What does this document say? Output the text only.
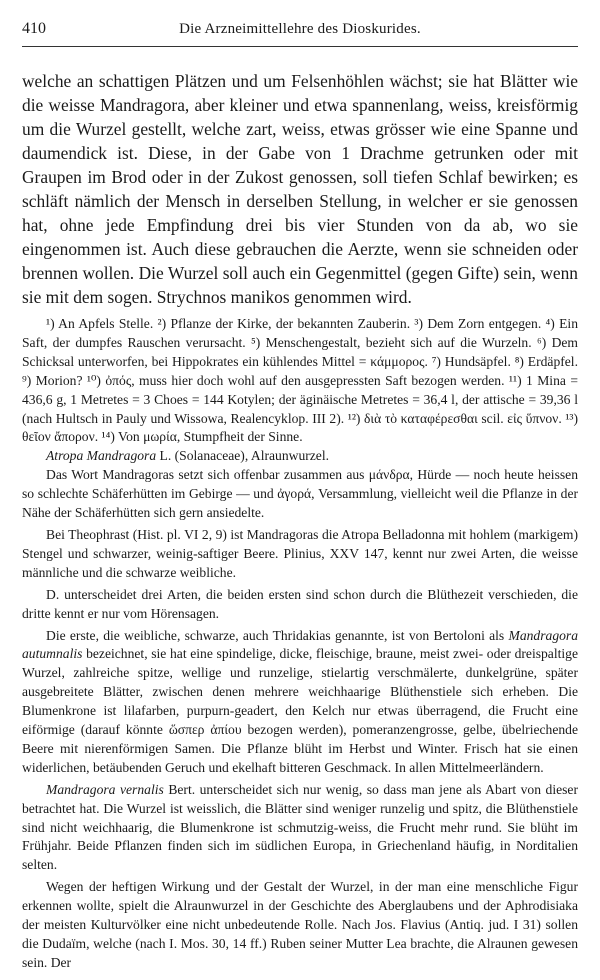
410	Die Arzneimittellehre des Dioskurides.

welche an schattigen Plätzen und um Felsenhöhlen wächst; sie hat Blätter wie die weisse Mandragora, aber kleiner und etwa spannenlang, weiss, kreisförmig um die Wurzel gestellt, welche zart, weiss, etwas grösser wie eine Spanne und daumendick ist. Diese, in der Gabe von 1 Drachme getrunken oder mit Graupen im Brod oder in der Zukost genossen, soll tiefen Schlaf bewirken; es schläft nämlich der Mensch in derselben Stellung, in welcher er sie genossen hat, ohne jede Empfindung drei bis vier Stunden von da ab, wo sie eingenommen ist. Auch diese gebrauchen die Aerzte, wenn sie schneiden oder brennen wollen. Die Wurzel soll auch ein Gegenmittel (gegen Gifte) sein, wenn sie mit dem sogen. Strychnos manikos genommen wird.

¹) An Apfels Stelle. ²) Pflanze der Kirke, der bekannten Zauberin. ³) Dem Zorn entgegen. ⁴) Ein Saft, der dumpfes Rauschen verursacht. ⁵) Menschengestalt, bezieht sich auf die Wurzeln. ⁶) Dem Schicksal unterworfen, bei Hippokrates ein kühlendes Mittel = κάμμορος. ⁷) Hundsäpfel. ⁸) Erdäpfel. ⁹) Morion? ¹⁰) ὀπός, muss hier doch wohl auf den ausgepressten Saft bezogen werden. ¹¹) 1 Mina = 436,6 g, 1 Metretes = 3 Choes = 144 Kotylen; der äginäische Metretes = 36,4 l, der attische = 39,36 l (nach Hultsch in Pauly und Wissowa, Realencyklop. III 2). ¹²) διὰ τὸ καταφέρεσθαι scil. εἰς ὕπνον. ¹³) θεῖον ἄπορον. ¹⁴) Von μωρία, Stumpfheit der Sinne.

Atropa Mandragora L. (Solanaceae), Alraunwurzel.

Das Wort Mandragoras setzt sich offenbar zusammen aus μάνδρα, Hürde — noch heute heissen so schlechte Schäferhütten im Gebirge — und ἀγορά, Versammlung, vielleicht weil die Pflanze in der Nähe der Schäferhütten sich gern ansiedelte.

Bei Theophrast (Hist. pl. VI 2, 9) ist Mandragoras die Atropa Belladonna mit hohlem (markigem) Stengel und schwarzer, weinig-saftiger Beere. Plinius, XXV 147, kennt nur zwei Arten, die weisse männliche und die schwarze weibliche.

D. unterscheidet drei Arten, die beiden ersten sind schon durch die Blüthezeit verschieden, die dritte kennt er nur vom Hörensagen.

Die erste, die weibliche, schwarze, auch Thridakias genannte, ist von Bertoloni als Mandragora autumnalis bezeichnet, sie hat eine spindelige, dicke, fleischige, braune, meist zwei- oder dreispaltige Wurzel, zahlreiche spitze, wellige und runzelige, stielartig verschmälerte, dunkelgrüne, später ausgebreitete Blätter, zwischen denen mehrere weichhaarige Blüthenstiele sich erheben. Die Blumenkrone ist lilafarben, purpurn-geadert, den Kelch nur etwas überragend, die Frucht eine eiförmige (darauf könnte ὥσπερ ἀπίου bezogen werden), pomeranzengrosse, gelbe, übelriechende Beere mit nierenförmigen Samen. Die Pflanze blüht im Herbst und Winter. Frisch hat sie einen widerlichen, betäubenden Geruch und ekelhaft bitteren Geschmack. In allen Mittelmeerländern.

Mandragora vernalis Bert. unterscheidet sich nur wenig, so dass man jene als Abart von dieser betrachtet hat. Die Wurzel ist weisslich, die Blätter sind weniger runzelig und spitz, die Blüthenstiele sind nicht weichhaarig, die Blumenkrone ist schmutzig-weiss, die Frucht mehr rund. Sie blüht im Frühjahr. Beide Pflanzen finden sich im südlichen Europa, in Griechenland häufig, in Norditalien selten.

Wegen der heftigen Wirkung und der Gestalt der Wurzel, in der man eine menschliche Figur erkennen wollte, spielt die Alraunwurzel in der Geschichte des Aberglaubens und der Aphrodisiaka der meisten Kulturvölker eine nicht unbedeutende Rolle. Nach Jos. Flavius (Antiq. jud. I 31) sollen die Dudaïm, welche (nach I. Mos. 30, 14 ff.) Ruben seiner Mutter Lea brachte, die Alraunen gewesen sein. Der
